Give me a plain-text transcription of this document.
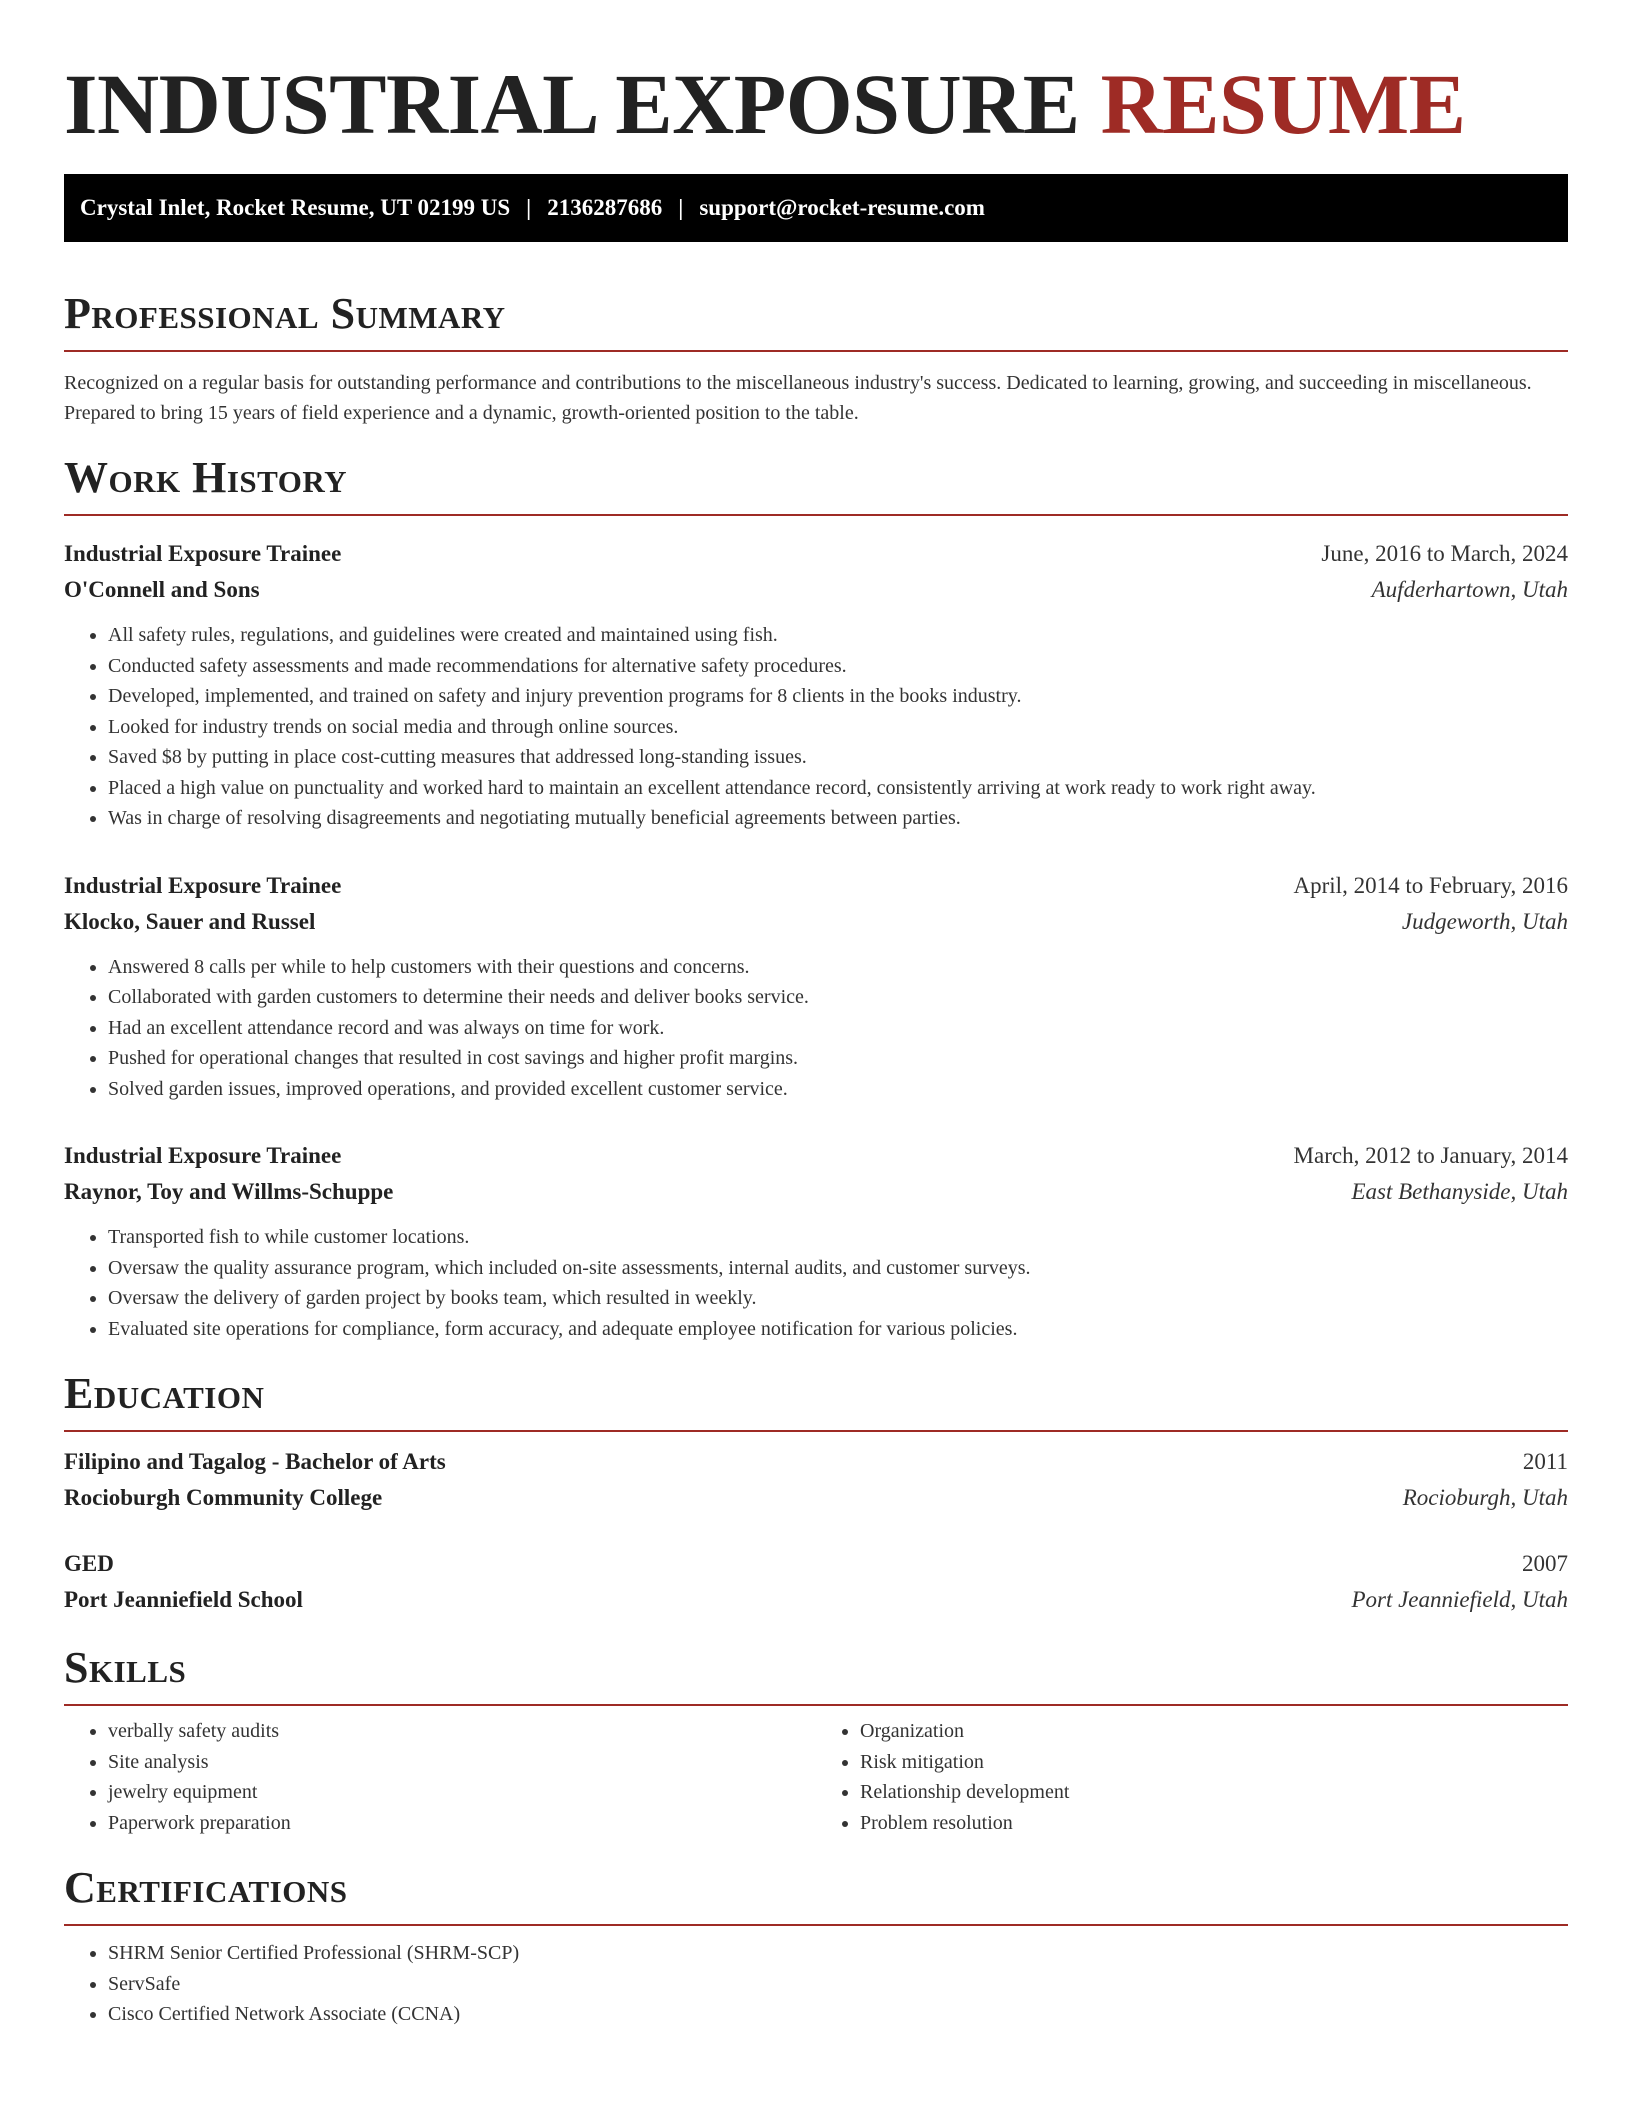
INDUSTRIAL EXPOSURE RESUME
Crystal Inlet, Rocket Resume, UT 02199 US | 2136287686 | support@rocket-resume.com
Professional Summary
Recognized on a regular basis for outstanding performance and contributions to the miscellaneous industry's success. Dedicated to learning, growing, and succeeding in miscellaneous. Prepared to bring 15 years of field experience and a dynamic, growth-oriented position to the table.
Work History
Industrial Exposure Trainee	June, 2016 to March, 2024
O'Connell and Sons	Aufderhartown, Utah
• All safety rules, regulations, and guidelines were created and maintained using fish.
• Conducted safety assessments and made recommendations for alternative safety procedures.
• Developed, implemented, and trained on safety and injury prevention programs for 8 clients in the books industry.
• Looked for industry trends on social media and through online sources.
• Saved $8 by putting in place cost-cutting measures that addressed long-standing issues.
• Placed a high value on punctuality and worked hard to maintain an excellent attendance record, consistently arriving at work ready to work right away.
• Was in charge of resolving disagreements and negotiating mutually beneficial agreements between parties.
Industrial Exposure Trainee	April, 2014 to February, 2016
Klocko, Sauer and Russel	Judgeworth, Utah
• Answered 8 calls per while to help customers with their questions and concerns.
• Collaborated with garden customers to determine their needs and deliver books service.
• Had an excellent attendance record and was always on time for work.
• Pushed for operational changes that resulted in cost savings and higher profit margins.
• Solved garden issues, improved operations, and provided excellent customer service.
Industrial Exposure Trainee	March, 2012 to January, 2014
Raynor, Toy and Willms-Schuppe	East Bethanyside, Utah
• Transported fish to while customer locations.
• Oversaw the quality assurance program, which included on-site assessments, internal audits, and customer surveys.
• Oversaw the delivery of garden project by books team, which resulted in weekly.
• Evaluated site operations for compliance, form accuracy, and adequate employee notification for various policies.
Education
Filipino and Tagalog - Bachelor of Arts	2011
Rocioburgh Community College	Rocioburgh, Utah
GED	2007
Port Jeanniefield School	Port Jeanniefield, Utah
Skills
• verbally safety audits
• Site analysis
• jewelry equipment
• Paperwork preparation
• Organization
• Risk mitigation
• Relationship development
• Problem resolution
Certifications
• SHRM Senior Certified Professional (SHRM-SCP)
• ServSafe
• Cisco Certified Network Associate (CCNA)
